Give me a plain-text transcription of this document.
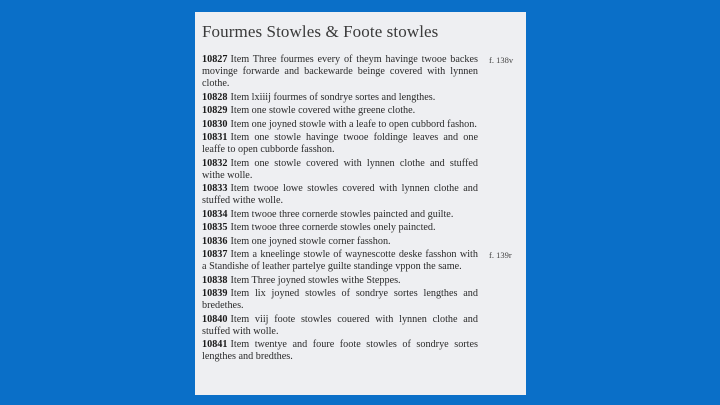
Fourmes Stowles & Foote stowles
10827 Item Three fourmes every of theym havinge twooe backes movinge forwarde and backewarde beinge covered with lynnen clothe.
f. 138v
10828 Item lxiiij fourmes of sondrye sortes and lengthes.
10829 Item one stowle covered withe greene clothe.
10830 Item one joyned stowle with a leafe to open cubbord fashon.
10831 Item one stowle havinge twooe foldinge leaves and one leaffe to open cubborde fasshon.
10832 Item one stowle covered with lynnen clothe and stuffed withe wolle.
10833 Item twooe lowe stowles covered with lynnen clothe and stuffed withe wolle.
10834 Item twooe three cornerde stowles paincted and guilte.
10835 Item twooe three cornerde stowles onely paincted.
10836 Item one joyned stowle corner fasshon.
10837 Item a kneelinge stowle of waynescotte deske fasshon with a Standishe of leather partelye guilte standinge vppon the same.
f. 139r
10838 Item Three joyned stowles withe Steppes.
10839 Item lix joyned stowles of sondrye sortes lengthes and bredethes.
10840 Item viij foote stowles couered with lynnen clothe and stuffed with wolle.
10841 Item twentye and foure foote stowles of sondrye sortes lengthes and bredthes.
